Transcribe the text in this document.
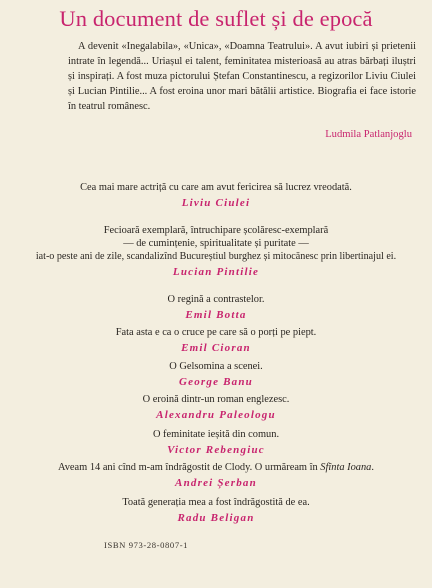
Un document de suflet și de epocă
A devenit «Inegalabila», «Unica», «Doamna Teatrului». A avut iubiri și prietenii intrate în legendă... Uriașul ei talent, feminitatea misterioasă au atras bărbați iluștri și inspirați. A fost muza pictorului Ștefan Constantinescu, a regizorilor Liviu Ciulei și Lucian Pintilie... A fost eroina unor mari bătălii artistice. Biografia ei face istorie în teatrul românesc.
Ludmila Patlanjoglu
Cea mai mare actriță cu care am avut fericirea să lucrez vreodată.
Liviu Ciulei
Fecioară exemplară, întruchipare școlăresc-exemplară
— de cumințenie, spiritualitate și puritate —
iat-o peste ani de zile, scandalizînd Bucureștiul burghez și mitocănesc prin libertinajul ei.
Lucian Pintilie
O regină a contrastelor.
Emil Botta
Fata asta e ca o cruce pe care să o porți pe piept.
Emil Cioran
O Gelsomina a scenei.
George Banu
O eroină dintr-un roman englezesc.
Alexandru Paleologu
O feminitate ieșită din comun.
Victor Rebengiuc
Aveam 14 ani cînd m-am îndrăgostit de Clody. O urmăream în Sfînta Ioana.
Andrei Șerban
Toată generația mea a fost îndrăgostită de ea.
Radu Beligan
ISBN 973-28-0807-1
